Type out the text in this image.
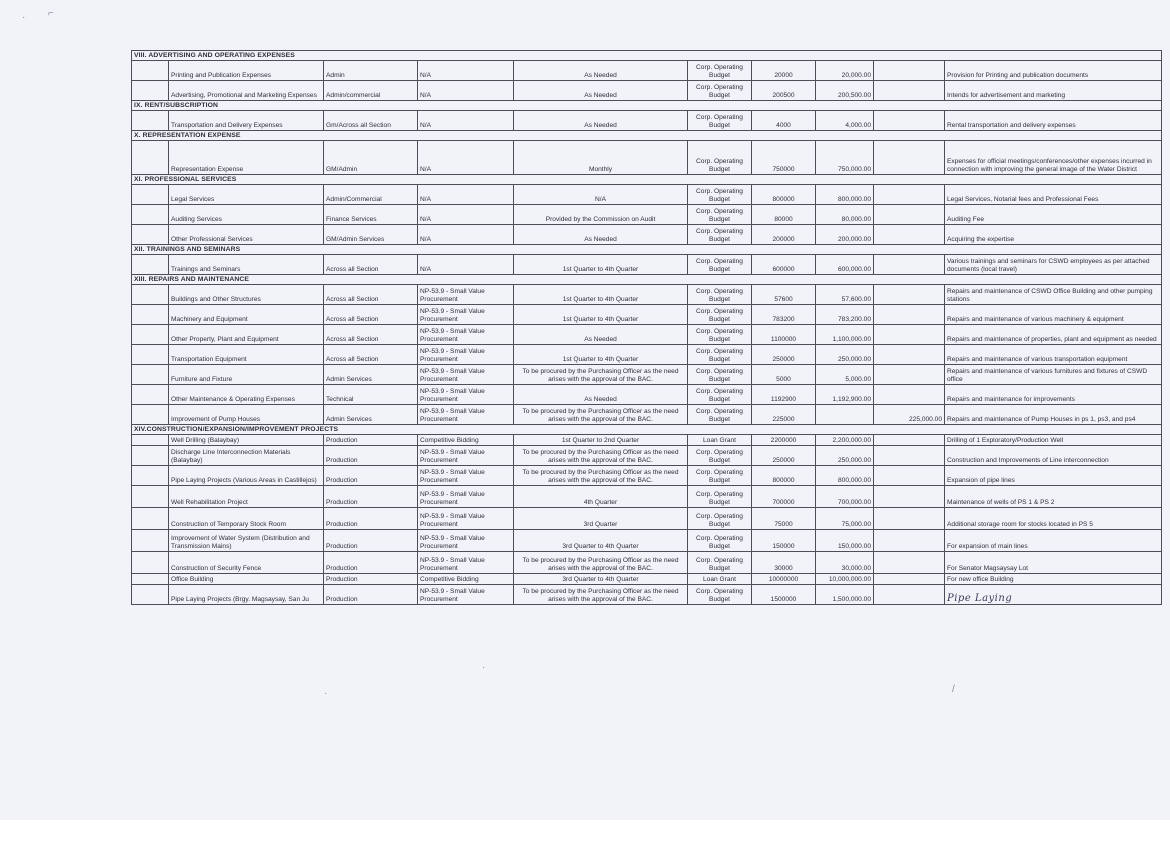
· ⌐
·
·	/
VIII. ADVERTISING AND OPERATING EXPENSES									
	Printing and Publication Expenses	Admin	N/A	As Needed	Corp. Operating Budget	20000	20,000.00		Provision for Printing and publication documents
	Advertising, Promotional and Marketing Expenses	Admin/commercial	N/A	As Needed	Corp. Operating Budget	200500	200,500.00		Intends for advertisement and marketing
IX. RENT/SUBSCRIPTION									
	Transportation and Delivery Expenses	Gm/Across all Section	N/A	As Needed	Corp. Operating Budget	4000	4,000.00		Rental transportation and delivery expenses
X. REPRESENTATION EXPENSE									
	Representation Expense	GM/Admin	N/A	Monthly	Corp. Operating Budget	750000	750,000.00		Expenses for official meetings/conferences/other expenses incurred in connection with improving the general image of the Water District
XI. PROFESSIONAL SERVICES									
	Legal Services	Admin/Commercial	N/A	N/A	Corp. Operating Budget	800000	800,000.00		Legal Services, Notarial fees and Professional Fees
	Auditing Services	Finance Services	N/A	Provided by the Commission on Audit	Corp. Operating Budget	80000	80,000.00		Auditing Fee
	Other Professional Services	GM/Admin Services	N/A	As Needed	Corp. Operating Budget	200000	200,000.00		Acquiring the expertise
XII. TRAININGS AND SEMINARS									
	Trainings and Seminars	Across all Section	N/A	1st Quarter to 4th Quarter	Corp. Operating Budget	600000	600,000.00		Various trainings and seminars for CSWD employees as per attached documents (local travel)
XIII. REPAIRS AND MAINTENANCE									
	Buildings and Other Structures	Across all Section	NP-53.9 - Small Value Procurement	1st Quarter to 4th Quarter	Corp. Operating Budget	57600	57,600.00		Repairs and maintenance of CSWD Office Building and other pumping stations
	Machinery and Equipment	Across all Section	NP-53.9 - Small Value Procurement	1st Quarter to 4th Quarter	Corp. Operating Budget	783200	783,200.00		Repairs and maintenance of various machinery & equipment
	Other Property, Plant and Equipment	Across all Section	NP-53.9 - Small Value Procurement	As Needed	Corp. Operating Budget	1100000	1,100,000.00		Repairs and maintenance of properties, plant and equipment as needed
	Transportation Equipment	Across all Section	NP-53.9 - Small Value Procurement	1st Quarter to 4th Quarter	Corp. Operating Budget	250000	250,000.00		Repairs and maintenance of various transportation equipment
	Furniture and Fixture	Admin Services	NP-53.9 - Small Value Procurement	To be procured by the Purchasing Officer as the need arises with the approval of the BAC.	Corp. Operating Budget	5000	5,000.00		Repairs and maintenance of various furnitures and fixtures of CSWD office
	Other Maintenance & Operating Expenses	Technical	NP-53.9 - Small Value Procurement	As Needed	Corp. Operating Budget	1192900	1,192,900.00		Repairs and maintenance for improvements
	Improvement of Pump Houses	Admin Services	NP-53.9 - Small Value Procurement	To be procured by the Purchasing Officer as the need arises with the approval of the BAC.	Corp. Operating Budget	225000		225,000.00	Repairs and maintenance of Pump Houses in ps 1, ps3, and ps4
XIV.CONSTRUCTION/EXPANSION/IMPROVEMENT PROJECTS									
	Well Drilling (Balaybay)	Production	Competitive Bidding	1st Quarter to 2nd Quarter	Loan Grant	2200000	2,200,000.00		Drilling of 1 Exploratory/Production Well
	Discharge Line Interconnection Materials (Balaybay)	Production	NP-53.9 - Small Value Procurement	To be procured by the Purchasing Officer as the need arises with the approval of the BAC.	Corp. Operating Budget	250000	250,000.00		Construction and Improvements of Line interconnection
	Pipe Laying Projects (Various Areas in Castillejos)	Production	NP-53.9 - Small Value Procurement	To be procured by the Purchasing Officer as the need arises with the approval of the BAC.	Corp. Operating Budget	800000	800,000.00		Expansion of pipe lines
	Well Rehabilitation Project	Production	NP-53.9 - Small Value Procurement	4th Quarter	Corp. Operating Budget	700000	700,000.00		Maintenance of wells of PS 1 & PS 2
	Construction of Temporary Stock Room	Production	NP-53.9 - Small Value Procurement	3rd Quarter	Corp. Operating Budget	75000	75,000.00		Additional storage room for stocks located in PS 5
	Improvement of Water System (Distribution and Transmission Mains)	Production	NP-53.9 - Small Value Procurement	3rd Quarter to 4th Quarter	Corp. Operating Budget	150000	150,000.00		For expansion of main lines
	Construction of Security Fence	Production	NP-53.9 - Small Value Procurement	To be procured by the Purchasing Officer as the need arises with the approval of the BAC.	Corp. Operating Budget	30000	30,000.00		For Senator Magsaysay Lot
	Office Building	Production	Competitive Bidding	3rd Quarter to 4th Quarter	Loan Grant	10000000	10,000,000.00		For new office Building
	Pipe Laying Projects (Brgy. Magsaysay, San Ju	Production	NP-53.9 - Small Value Procurement	To be procured by the Purchasing Officer as the need arises with the approval of the BAC.	Corp. Operating Budget	1500000	1,500,000.00		Pipe Laying
